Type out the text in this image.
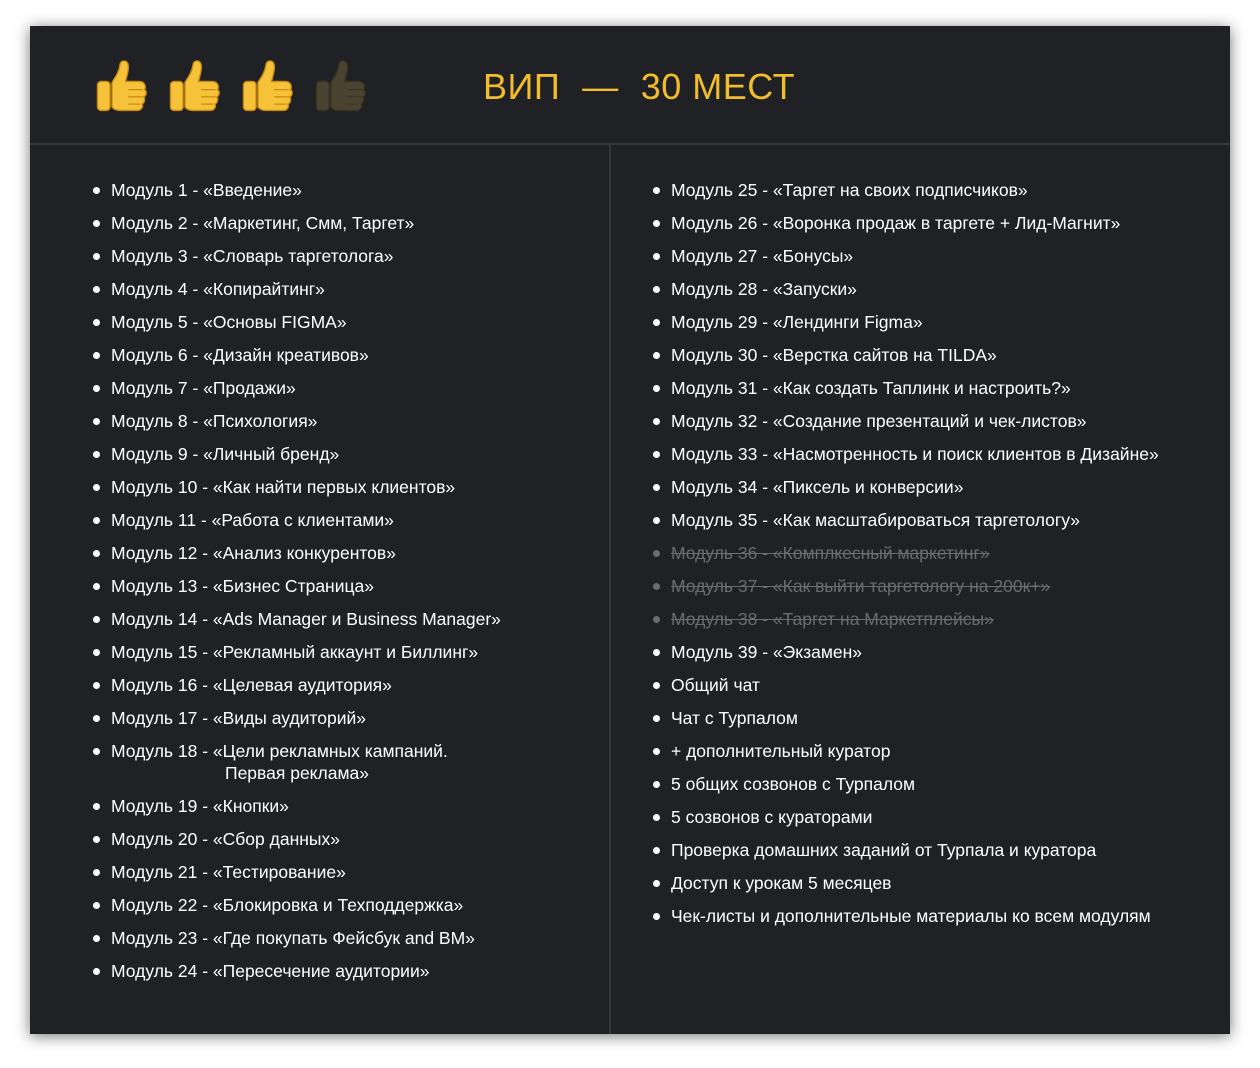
ВИП — 30 МЕСТ
Модуль 1 - «Введение»
Модуль 2 - «Маркетинг, Смм, Таргет»
Модуль 3 - «Словарь таргетолога»
Модуль 4 - «Копирайтинг»
Модуль 5 - «Основы FIGMA»
Модуль 6 - «Дизайн креативов»
Модуль 7 - «Продажи»
Модуль 8 - «Психология»
Модуль 9 - «Личный бренд»
Модуль 10 - «Как найти первых клиентов»
Модуль 11 - «Работа с клиентами»
Модуль 12 - «Анализ конкурентов»
Модуль 13 - «Бизнес Страница»
Модуль 14 - «Ads Manager и Business Manager»
Модуль 15 - «Рекламный аккаунт и Биллинг»
Модуль 16 - «Целевая аудитория»
Модуль 17 - «Виды аудиторий»
Модуль 18 - «Цели рекламных кампаний.
Первая реклама»
Модуль 19 - «Кнопки»
Модуль 20 - «Сбор данных»
Модуль 21 - «Тестирование»
Модуль 22 - «Блокировка и Техподдержка»
Модуль 23 - «Где покупать Фейсбук and BM»
Модуль 24 - «Пересечение аудитории»
Модуль 25 - «Таргет на своих подписчиков»
Модуль 26 - «Воронка продаж в таргете + Лид-Магнит»
Модуль 27 - «Бонусы»
Модуль 28 - «Запуски»
Модуль 29 - «Лендинги Figma»
Модуль 30 - «Верстка сайтов на TILDA»
Модуль 31 - «Как создать Таплинк и настроить?»
Модуль 32 - «Создание презентаций и чек-листов»
Модуль 33 - «Насмотренность и поиск клиентов в Дизайне»
Модуль 34 - «Пиксель и конверсии»
Модуль 35 - «Как масштабироваться таргетологу»
Модуль 36 - «Комплкесный маркетинг»
Модуль 37 - «Как выйти таргетологу на 200к+»
Модуль 38 - «Таргет на Маркетплейсы»
Модуль 39 - «Экзамен»
Общий чат
Чат с Турпалом
+ дополнительный куратор
5 общих созвонов с Турпалом
5 созвонов с кураторами
Проверка домашних заданий от Турпала и куратора
Доступ к урокам 5 месяцев
Чек-листы и дополнительные материалы ко всем модулям
